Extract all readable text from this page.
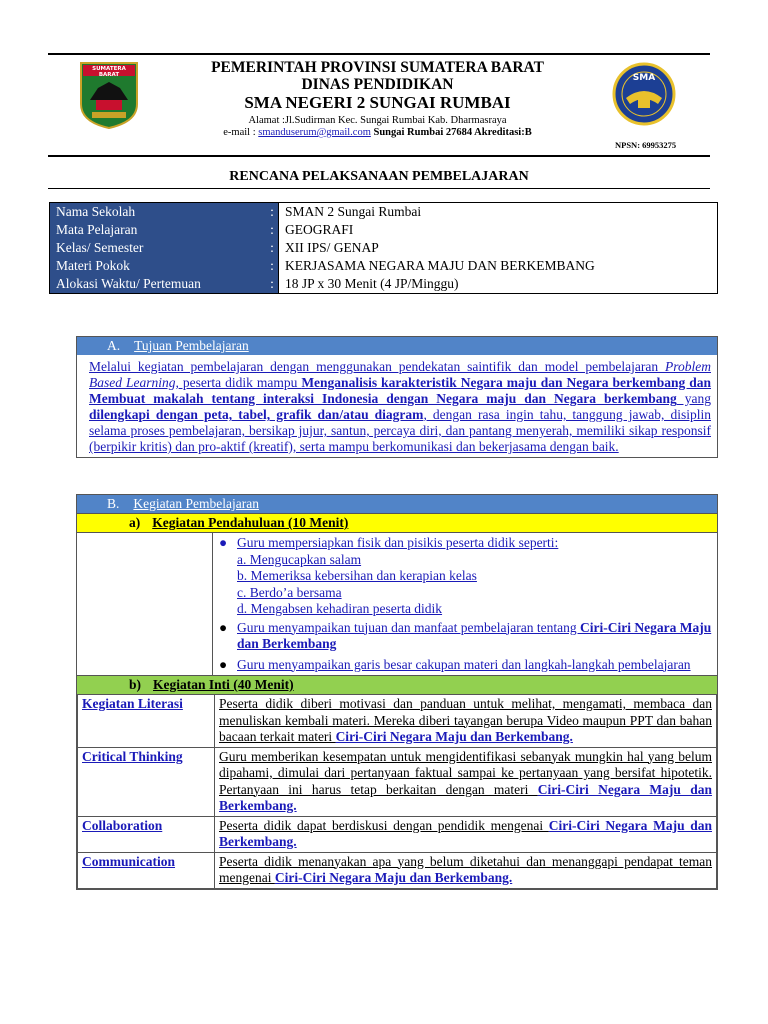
SUMATERA BARAT	SMA
PEMERINTAH PROVINSI SUMATERA BARAT
DINAS PENDIDIKAN
SMA NEGERI 2 SUNGAI RUMBAI
Alamat :Jl.Sudirman Kec. Sungai Rumbai Kab. Dharmasraya
e-mail : smanduserum@gmail.com Sungai Rumbai 27684 Akreditasi:B
NPSN: 69953275
RENCANA PELAKSANAAN PEMBELAJARAN
Nama Sekolah	:	SMAN 2 Sungai Rumbai
Mata Pelajaran	:	GEOGRAFI
Kelas/ Semester	:	XII IPS/ GENAP
Materi Pokok	:	KERJASAMA NEGARA MAJU DAN BERKEMBANG
Alokasi Waktu/ Pertemuan	:	18 JP x 30 Menit (4 JP/Minggu)
A. Tujuan Pembelajaran
Melalui kegiatan pembelajaran dengan menggunakan pendekatan saintifik dan model pembelajaran Problem Based Learning, peserta didik mampu Menganalisis karakteristik Negara maju dan Negara berkembang dan Membuat makalah tentang interaksi Indonesia dengan Negara maju dan Negara berkembang yang dilengkapi dengan peta, tabel, grafik dan/atau diagram, dengan rasa ingin tahu, tanggung jawab, disiplin selama proses pembelajaran, bersikap jujur, santun, percaya diri, dan pantang menyerah, memiliki sikap responsif (berpikir kritis) dan pro-aktif (kreatif), serta mampu berkomunikasi dan bekerjasama dengan baik.
B. Kegiatan Pembelajaran
a) Kegiatan Pendahuluan (10 Menit)
● Guru mempersiapkan fisik dan pisikis peserta didik seperti:
a. Mengucapkan salam
b. Memeriksa kebersihan dan kerapian kelas
c. Berdo’a bersama
d. Mengabsen kehadiran peserta didik
● Guru menyampaikan tujuan dan manfaat pembelajaran tentang Ciri-Ciri Negara Maju dan Berkembang
● Guru menyampaikan garis besar cakupan materi dan langkah-langkah pembelajaran
b) Kegiatan Inti (40 Menit)
Kegiatan Literasi	Peserta didik diberi motivasi dan panduan untuk melihat, mengamati, membaca dan menuliskan kembali materi. Mereka diberi tayangan berupa Video maupun PPT dan bahan bacaan terkait materi Ciri-Ciri Negara Maju dan Berkembang.
Critical Thinking	Guru memberikan kesempatan untuk mengidentifikasi sebanyak mungkin hal yang belum dipahami, dimulai dari pertanyaan faktual sampai ke pertanyaan yang bersifat hipotetik. Pertanyaan ini harus tetap berkaitan dengan materi Ciri-Ciri Negara Maju dan Berkembang.
Collaboration	Peserta didik dapat berdiskusi dengan pendidik mengenai Ciri-Ciri Negara Maju dan Berkembang.
Communication	Peserta didik menanyakan apa yang belum diketahui dan menanggapi pendapat teman mengenai Ciri-Ciri Negara Maju dan Berkembang.
